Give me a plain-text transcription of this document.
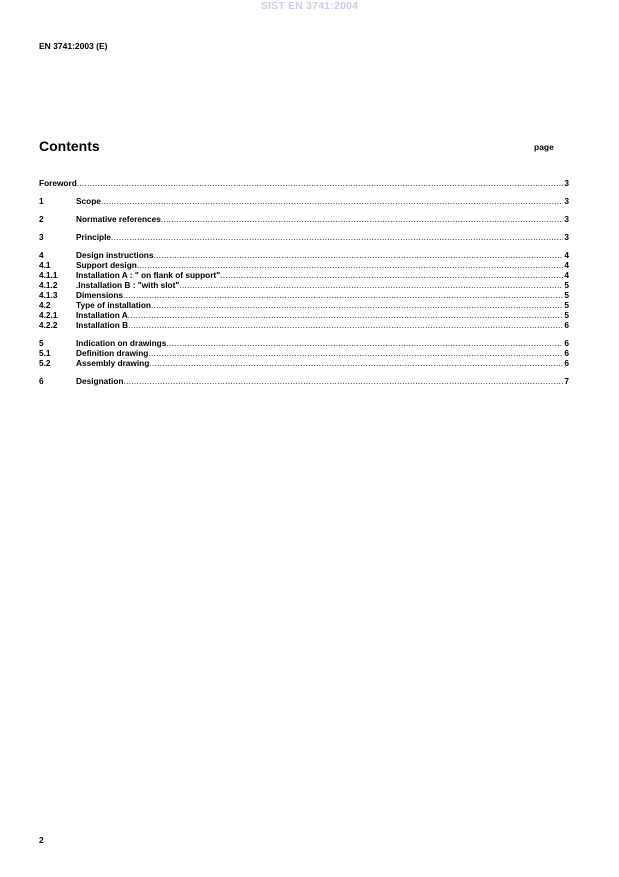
SIST EN 3741:2004
EN 3741:2003 (E)
Contents	page
Foreword .....	3
1	Scope .....	3
2	Normative references .....	3
3	Principle .....	3
4	Design instructions .....	4
4.1	Support design .....	4
4.1.1	Installation A : " on flank of support" .....	4
4.1.2	.Installation B : "with slot" .....	5
4.1.3	Dimensions .....	5
4.2	Type of installation .....	5
4.2.1	Installation A .....	5
4.2.2	Installation B .....	6
5	Indication on drawings .....	6
5.1	Definition drawing .....	6
5.2	Assembly drawing .....	6
6	Designation .....	7
2
